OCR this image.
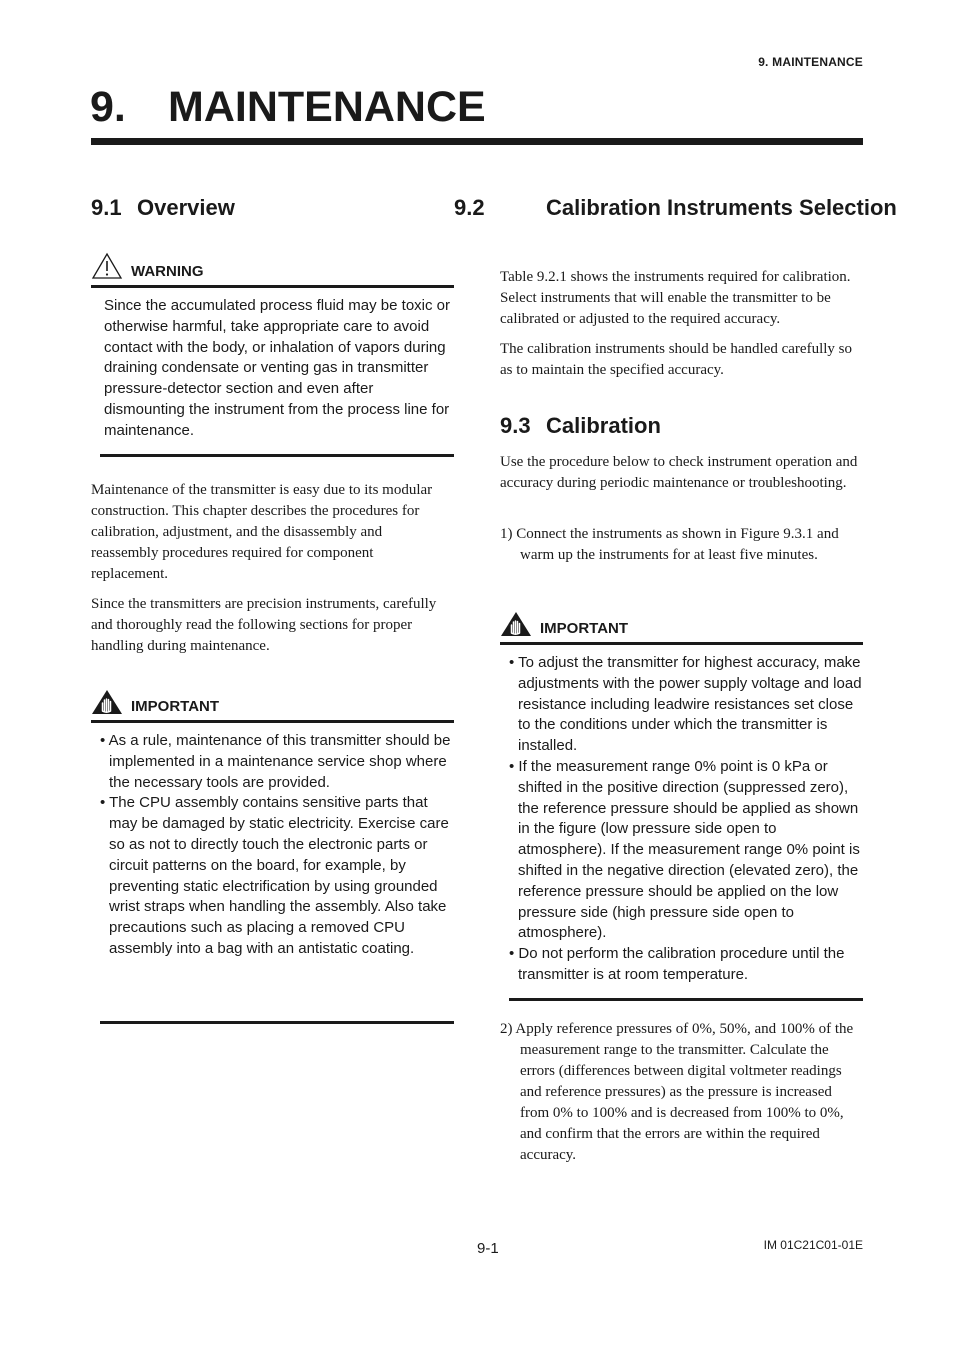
9. MAINTENANCE
9. MAINTENANCE
9.1 Overview
WARNING
Since the accumulated process fluid may be toxic or otherwise harmful, take appropriate care to avoid contact with the body, or inhalation of vapors during draining condensate or venting gas in transmitter pressure-detector section and even after dismounting the instrument from the process line for maintenance.

Maintenance of the transmitter is easy due to its modular construction. This chapter describes the procedures for calibration, adjustment, and the disassembly and reassembly procedures required for component replacement.

Since the transmitters are precision instruments, carefully and thoroughly read the following sections for proper handling during maintenance.

IMPORTANT
• As a rule, maintenance of this transmitter should be implemented in a maintenance service shop where the necessary tools are provided.
• The CPU assembly contains sensitive parts that may be damaged by static electricity. Exercise care so as not to directly touch the electronic parts or circuit patterns on the board, for example, by preventing static electrification by using grounded wrist straps when handling the assembly. Also take precautions such as placing a removed CPU assembly into a bag with an antistatic coating.
9.2	Calibration Instruments Selection

Table 9.2.1 shows the instruments required for calibration. Select instruments that will enable the transmitter to be calibrated or adjusted to the required accuracy.

The calibration instruments should be handled carefully so as to maintain the specified accuracy.

9.3 Calibration

Use the procedure below to check instrument operation and accuracy during periodic maintenance or troubleshooting.

1) Connect the instruments as shown in Figure 9.3.1 and warm up the instruments for at least five minutes.
IMPORTANT
• To adjust the transmitter for highest accuracy, make adjustments with the power supply voltage and load resistance including leadwire resistances set close to the conditions under which the transmitter is installed.
• If the measurement range 0% point is 0 kPa or shifted in the positive direction (suppressed zero), the reference pressure should be applied as shown in the figure (low pressure side open to atmosphere). If the measurement range 0% point is shifted in the negative direction (elevated zero), the reference pressure should be applied on the low pressure side (high pressure side open to atmosphere).
• Do not perform the calibration procedure until the transmitter is at room temperature.
2) Apply reference pressures of 0%, 50%, and 100% of the measurement range to the transmitter. Calculate the errors (differences between digital voltmeter readings and reference pressures) as the pressure is increased from 0% to 100% and is decreased from 100% to 0%, and confirm that the errors are within the required accuracy.
9-1	IM 01C21C01-01E
